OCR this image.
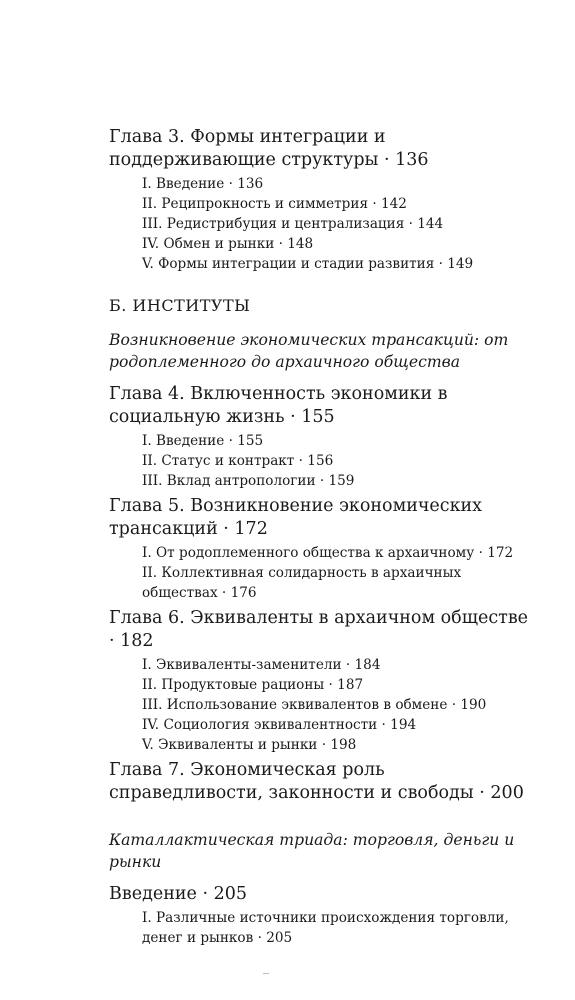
Глава 3. Формы интеграции и поддерживающие структуры · 136
I. Введение · 136
II. Реципрокность и симметрия · 142
III. Редистрибуция и централизация · 144
IV. Обмен и рынки · 148
V. Формы интеграции и стадии развития · 149
Б. ИНСТИТУТЫ
Возникновение экономических трансакций: от родоплеменного до архаичного общества
Глава 4. Включенность экономики в социальную жизнь · 155
I. Введение · 155
II. Статус и контракт · 156
III. Вклад антропологии · 159
Глава 5. Возникновение экономических трансакций · 172
I. От родоплеменного общества к архаичному · 172
II. Коллективная солидарность в архаичных обществах · 176
Глава 6. Эквиваленты в архаичном обществе · 182
I. Эквиваленты-заменители · 184
II. Продуктовые рационы · 187
III. Использование эквивалентов в обмене · 190
IV. Социология эквивалентности · 194
V. Эквиваленты и рынки · 198
Глава 7. Экономическая роль справедливости, законности и свободы · 200
Каталлактическая триада: торговля, деньги и рынки
Введение · 205
I. Различные источники происхождения торговли, денег и рынков · 205
